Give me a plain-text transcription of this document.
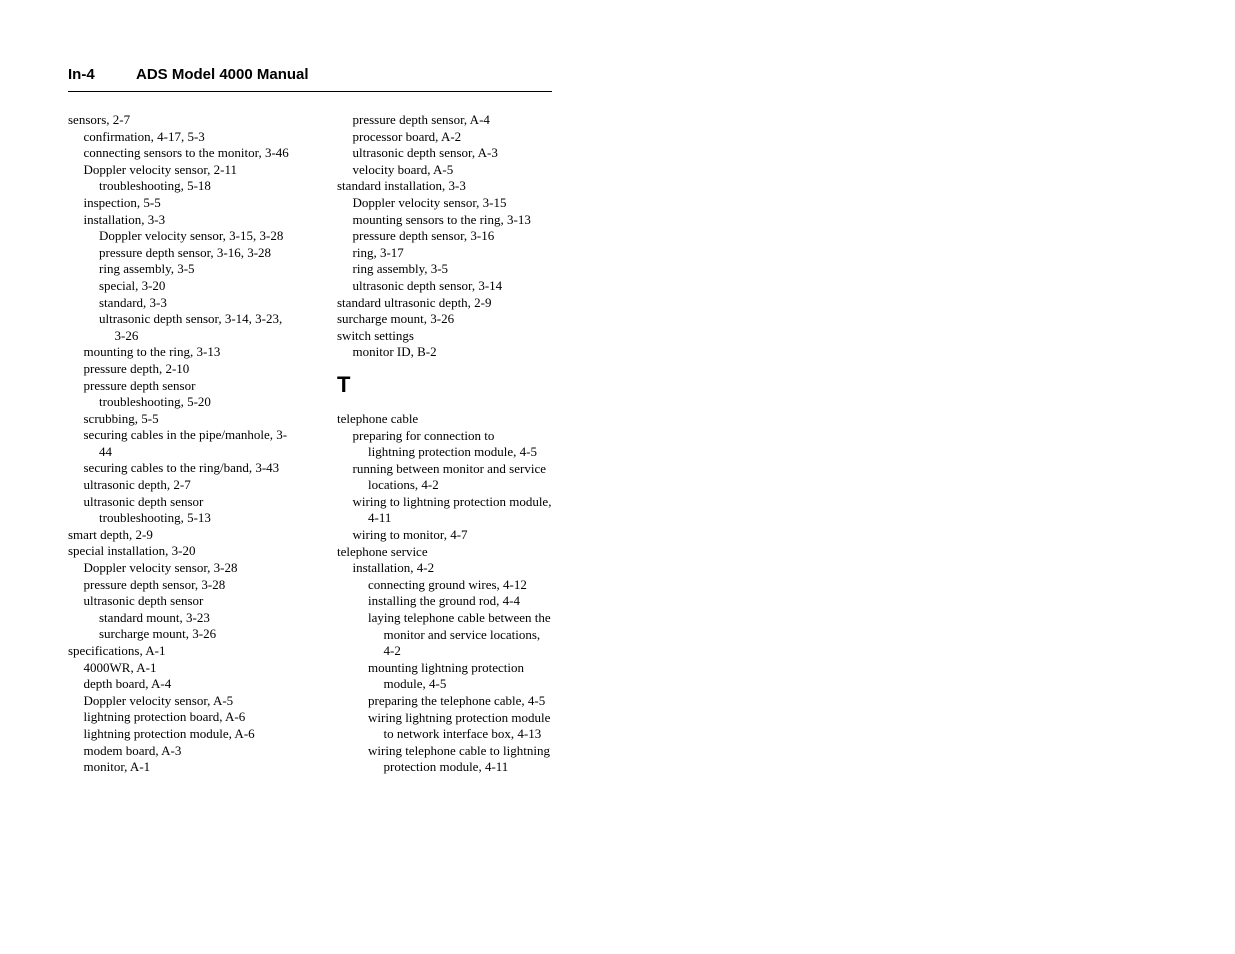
In-4	ADS Model 4000 Manual
sensors, 2-7
confirmation, 4-17, 5-3
connecting sensors to the monitor, 3-46
Doppler velocity sensor, 2-11
troubleshooting, 5-18
inspection, 5-5
installation, 3-3
Doppler velocity sensor, 3-15, 3-28
pressure depth sensor, 3-16, 3-28
ring assembly, 3-5
special, 3-20
standard, 3-3
ultrasonic depth sensor, 3-14, 3-23, 3-26
mounting to the ring, 3-13
pressure depth, 2-10
pressure depth sensor
troubleshooting, 5-20
scrubbing, 5-5
securing cables in the pipe/manhole, 3-44
securing cables to the ring/band, 3-43
ultrasonic depth, 2-7
ultrasonic depth sensor
troubleshooting, 5-13
smart depth, 2-9
special installation, 3-20
Doppler velocity sensor, 3-28
pressure depth sensor, 3-28
ultrasonic depth sensor
standard mount, 3-23
surcharge mount, 3-26
specifications, A-1
4000WR, A-1
depth board, A-4
Doppler velocity sensor, A-5
lightning protection board, A-6
lightning protection module, A-6
modem board, A-3
monitor, A-1
pressure depth sensor, A-4
processor board, A-2
ultrasonic depth sensor, A-3
velocity board, A-5
standard installation, 3-3
Doppler velocity sensor, 3-15
mounting sensors to the ring, 3-13
pressure depth sensor, 3-16
ring, 3-17
ring assembly, 3-5
ultrasonic depth sensor, 3-14
standard ultrasonic depth, 2-9
surcharge mount, 3-26
switch settings
monitor ID, B-2
T
telephone cable
preparing for connection to
lightning protection module, 4-5
running between monitor and service locations, 4-2
wiring to lightning protection module, 4-11
wiring to monitor, 4-7
telephone service
installation, 4-2
connecting ground wires, 4-12
installing the ground rod, 4-4
laying telephone cable between the monitor and service locations, 4-2
mounting lightning protection module, 4-5
preparing the telephone cable, 4-5
wiring lightning protection module to network interface box, 4-13
wiring telephone cable to lightning protection module, 4-11
